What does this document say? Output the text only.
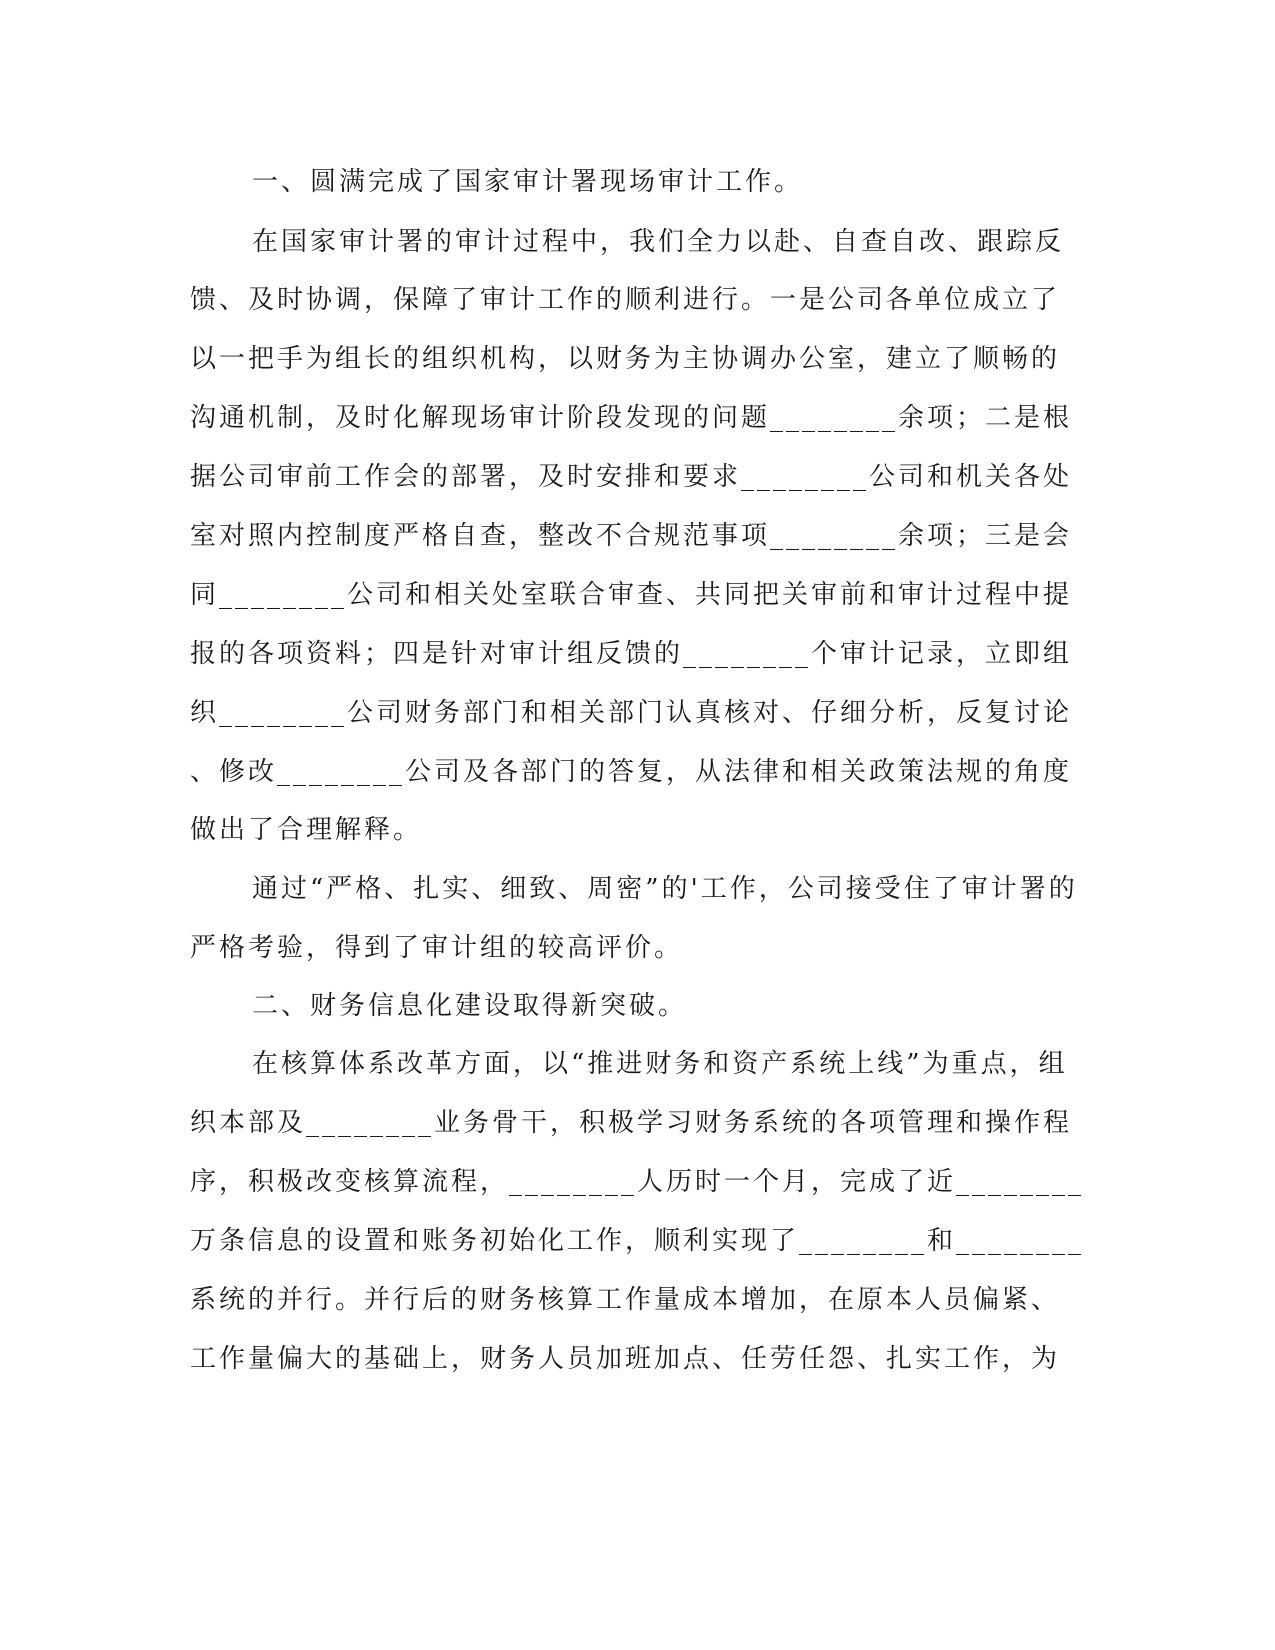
一、圆满完成了国家审计署现场审计工作。
在国家审计署的审计过程中，我们全力以赴、自查自改、跟踪反
馈、及时协调，保障了审计工作的顺利进行。一是公司各单位成立了
以一把手为组长的组织机构，以财务为主协调办公室，建立了顺畅的
沟通机制，及时化解现场审计阶段发现的问题________余项；二是根
据公司审前工作会的部署，及时安排和要求________公司和机关各处
室对照内控制度严格自查，整改不合规范事项________余项；三是会
同________公司和相关处室联合审查、共同把关审前和审计过程中提
报的各项资料；四是针对审计组反馈的________个审计记录，立即组
织________公司财务部门和相关部门认真核对、仔细分析，反复讨论
、修改________公司及各部门的答复，从法律和相关政策法规的角度
做出了合理解释。
通过“严格、扎实、细致、周密”的'工作，公司接受住了审计署的
严格考验，得到了审计组的较高评价。
二、财务信息化建设取得新突破。
在核算体系改革方面，以“推进财务和资产系统上线”为重点，组
织本部及________业务骨干，积极学习财务系统的各项管理和操作程
序，积极改变核算流程，________人历时一个月，完成了近________
万条信息的设置和账务初始化工作，顺利实现了________和________
系统的并行。并行后的财务核算工作量成本增加，在原本人员偏紧、
工作量偏大的基础上，财务人员加班加点、任劳任怨、扎实工作，为
